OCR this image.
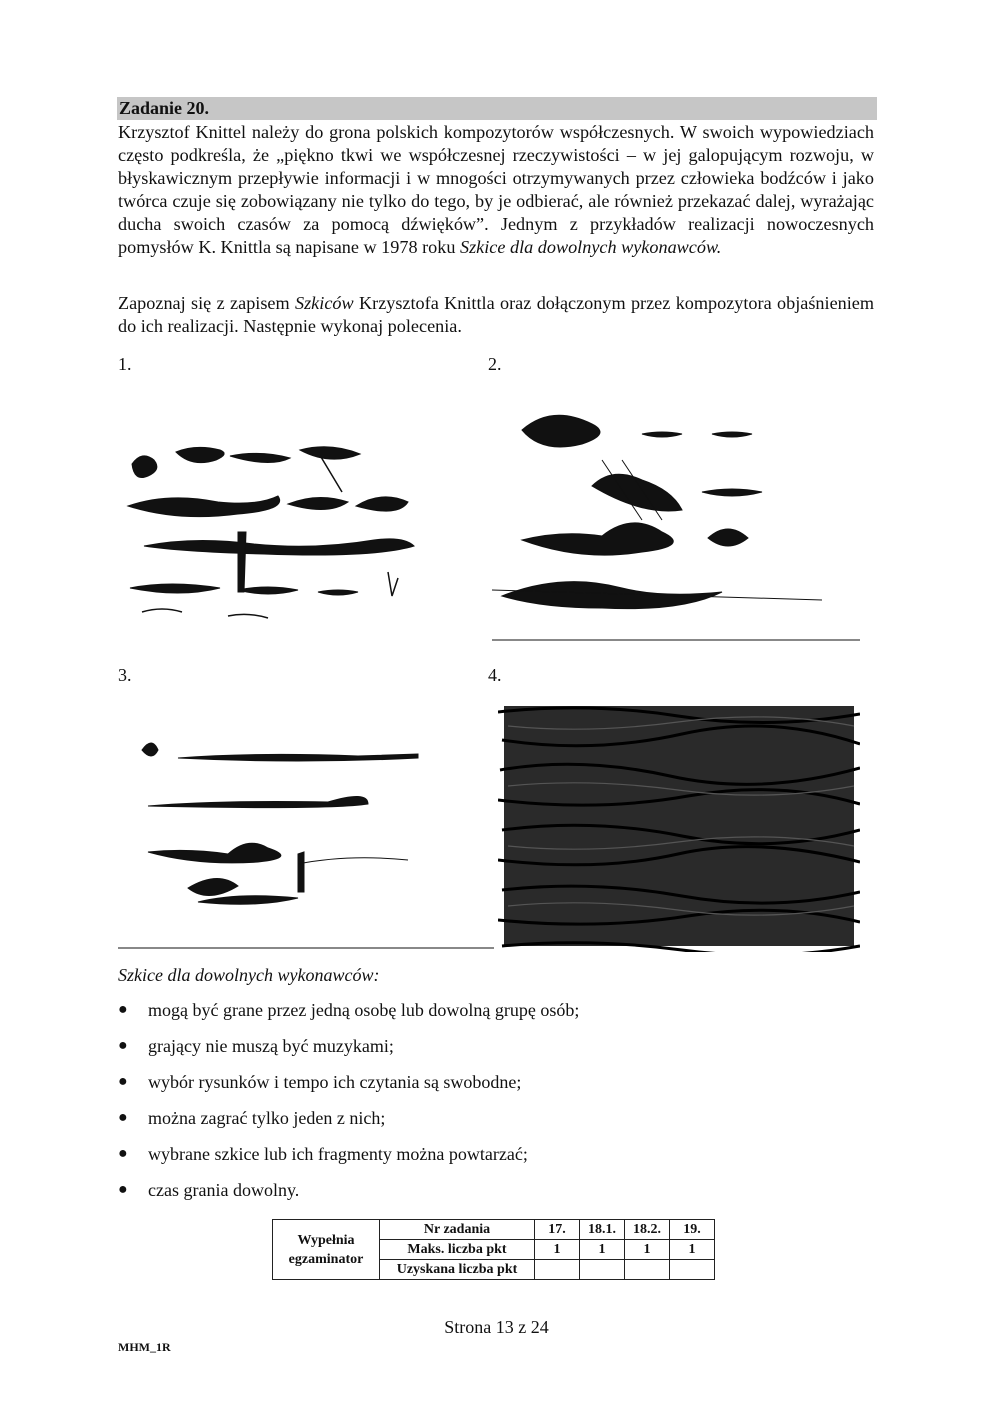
Zadanie 20.

Krzysztof Knittel należy do grona polskich kompozytorów współczesnych. W swoich wypowiedziach często podkreśla, że „piękno tkwi we współczesnej rzeczywistości – w jej galopującym rozwoju, w błyskawicznym przepływie informacji i w mnogości otrzymywanych przez człowieka bodźców i jako twórca czuje się zobowiązany nie tylko do tego, by je odbierać, ale również przekazać dalej, wyrażając ducha swoich czasów za pomocą dźwięków”. Jednym z przykładów realizacji nowoczesnych pomysłów K. Knittla są napisane w 1978 roku Szkice dla dowolnych wykonawców.

Zapoznaj się z zapisem Szkiców Krzysztofa Knittla oraz dołączonym przez kompozytora objaśnieniem do ich realizacji. Następnie wykonaj polecenia.

1.	2.
3.	4.
Szkice dla dowolnych wykonawców:
● mogą być grane przez jedną osobę lub dowolną grupę osób;
● grający nie muszą być muzykami;
● wybór rysunków i tempo ich czytania są swobodne;
● można zagrać tylko jeden z nich;
● wybrane szkice lub ich fragmenty można powtarzać;
● czas grania dowolny.
Wypełnia egzaminator	Nr zadania	17.	18.1.	18.2.	19.
	Maks. liczba pkt	1	1	1	1
	Uzyskana liczba pkt				
Strona 13 z 24
MHM_1R
